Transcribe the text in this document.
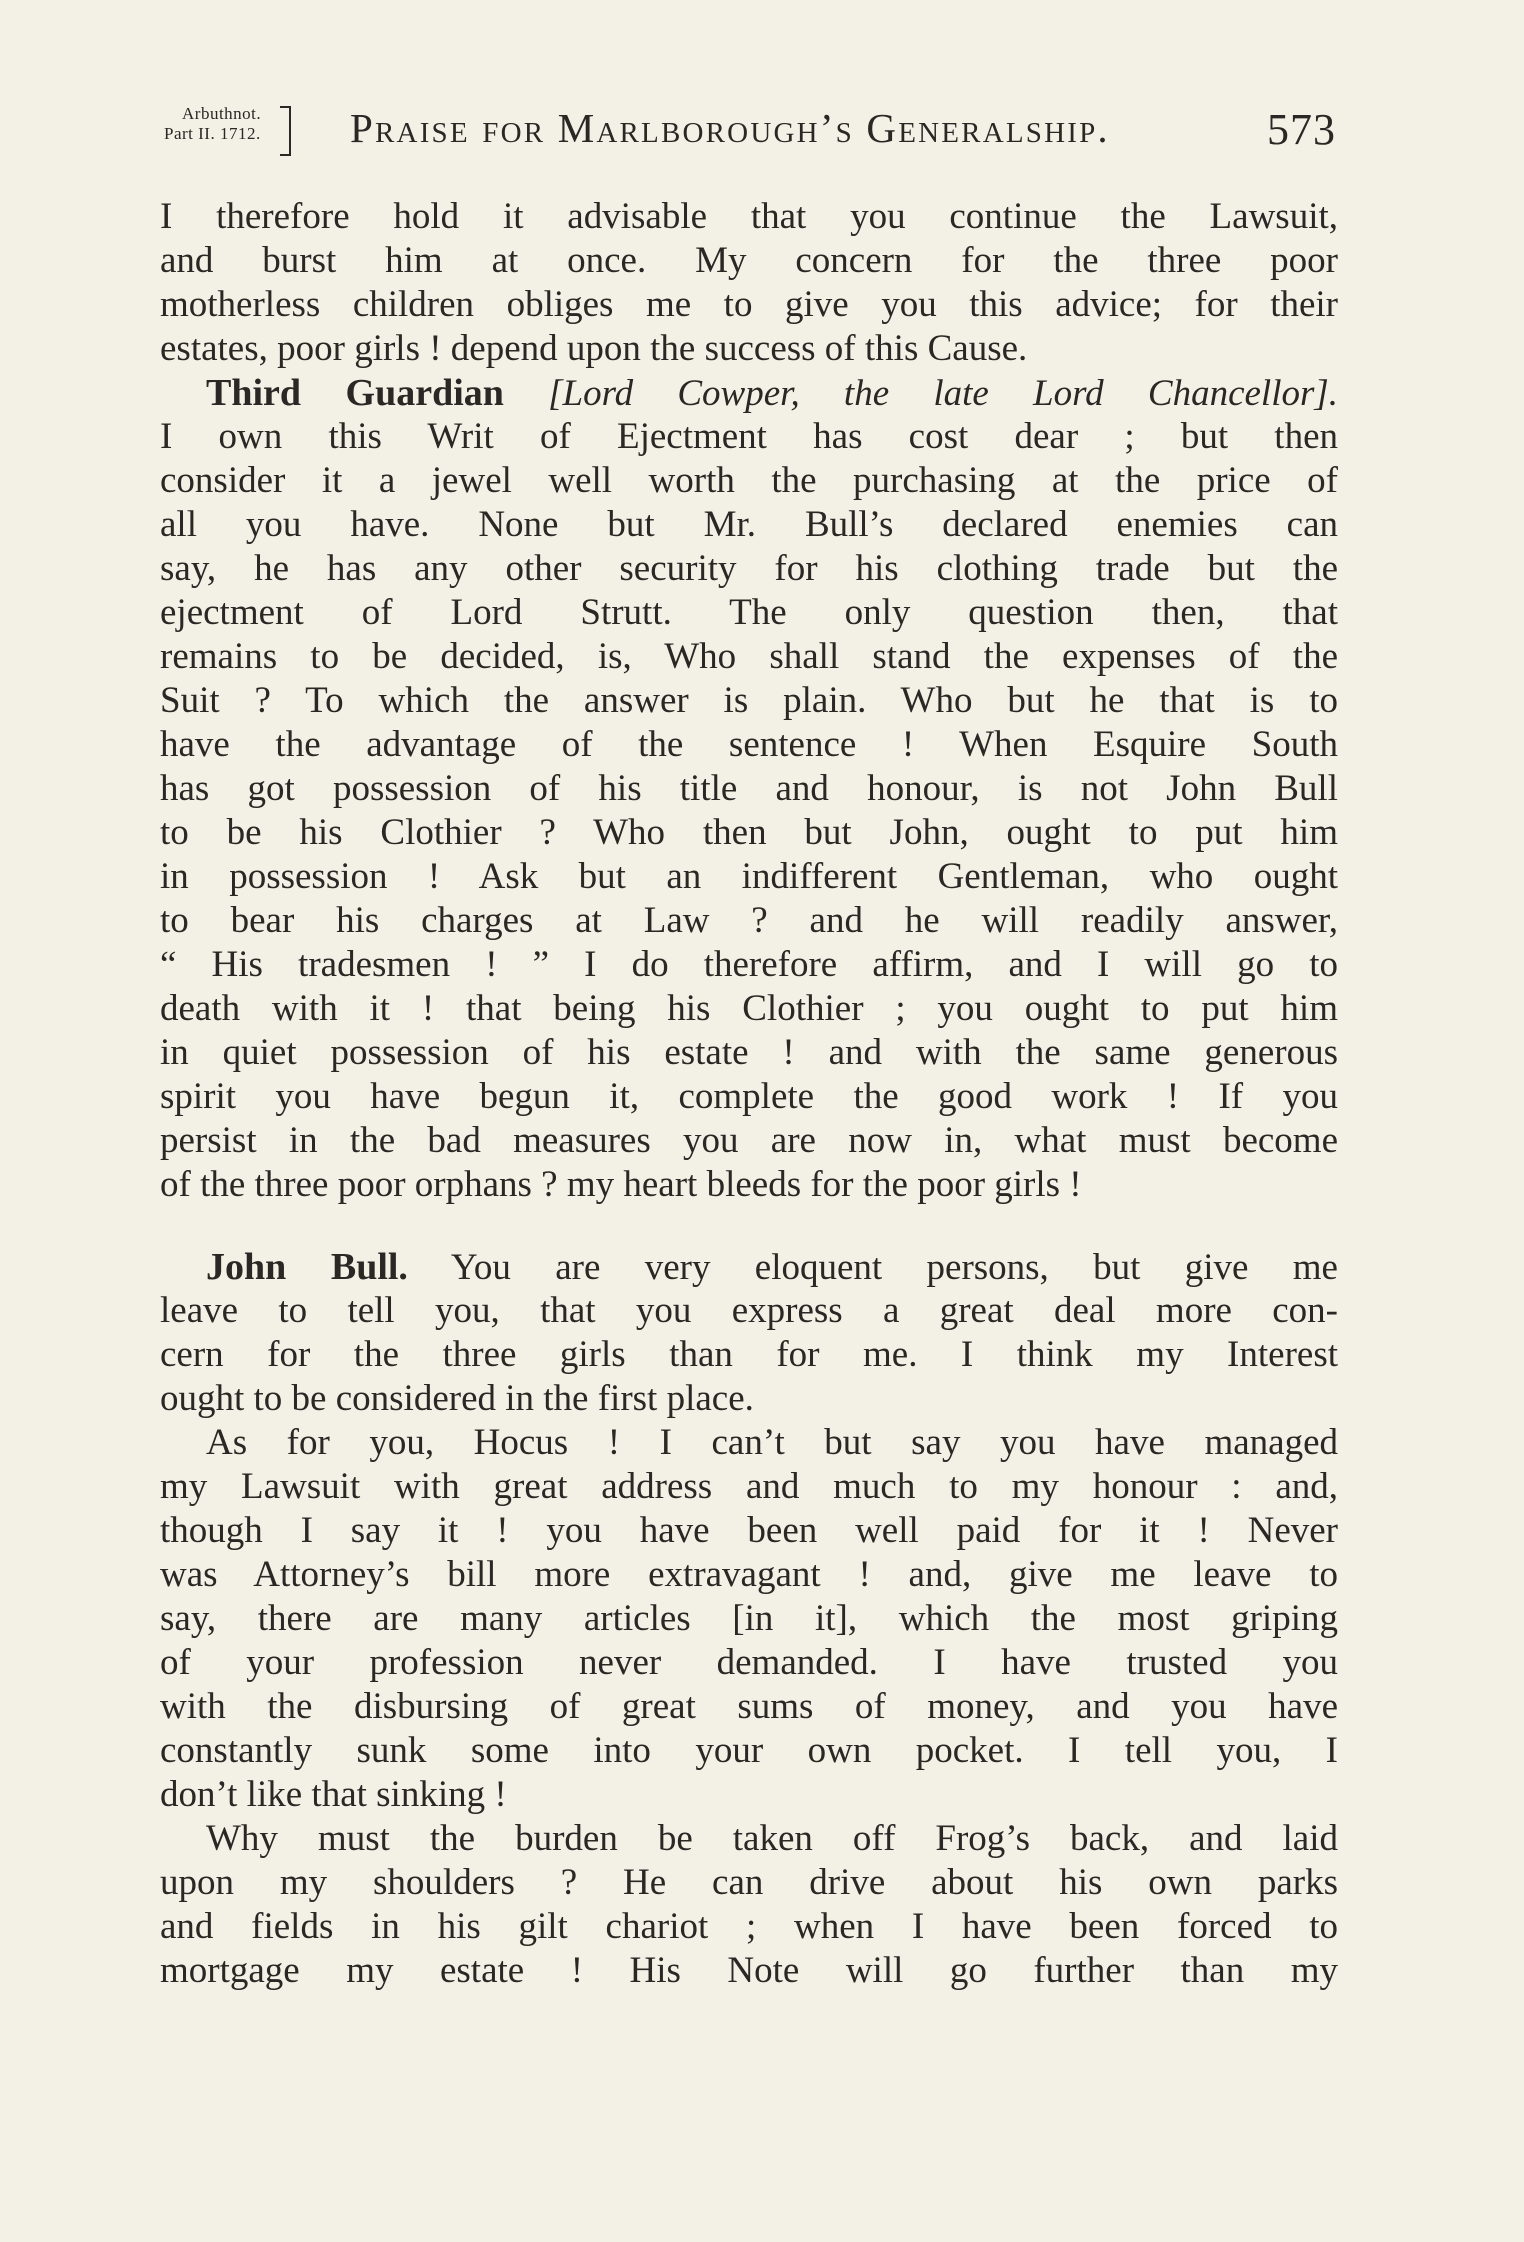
Arbuthnot.
Part II. 1712. Praise for Marlborough’s Generalship.	573
I therefore hold it advisable that you continue the Lawsuit,
and burst him at once. My concern for the three poor
motherless children obliges me to give you this advice; for their
estates, poor girls ! depend upon the success of this Cause.
Third Guardian [Lord Cowper, the late Lord Chancellor].
I own this Writ of Ejectment has cost dear ; but then
consider it a jewel well worth the purchasing at the price of
all you have. None but Mr. Bull’s declared enemies can
say, he has any other security for his clothing trade but the
ejectment of Lord Strutt. The only question then, that
remains to be decided, is, Who shall stand the expenses of the
Suit ? To which the answer is plain. Who but he that is to
have the advantage of the sentence ! When Esquire South
has got possession of his title and honour, is not John Bull
to be his Clothier ? Who then but John, ought to put him
in possession ! Ask but an indifferent Gentleman, who ought
to bear his charges at Law ? and he will readily answer,
“ His tradesmen ! ” I do therefore affirm, and I will go to
death with it ! that being his Clothier ; you ought to put him
in quiet possession of his estate ! and with the same generous
spirit you have begun it, complete the good work ! If you
persist in the bad measures you are now in, what must become
of the three poor orphans ? my heart bleeds for the poor girls !
John Bull. You are very eloquent persons, but give me
leave to tell you, that you express a great deal more con-
cern for the three girls than for me. I think my Interest
ought to be considered in the first place.
As for you, Hocus ! I can’t but say you have managed
my Lawsuit with great address and much to my honour : and,
though I say it ! you have been well paid for it ! Never
was Attorney’s bill more extravagant ! and, give me leave to
say, there are many articles [in it], which the most griping
of your profession never demanded. I have trusted you
with the disbursing of great sums of money, and you have
constantly sunk some into your own pocket. I tell you, I
don’t like that sinking !
Why must the burden be taken off Frog’s back, and laid
upon my shoulders ? He can drive about his own parks
and fields in his gilt chariot ; when I have been forced to
mortgage my estate ! His Note will go further than my
